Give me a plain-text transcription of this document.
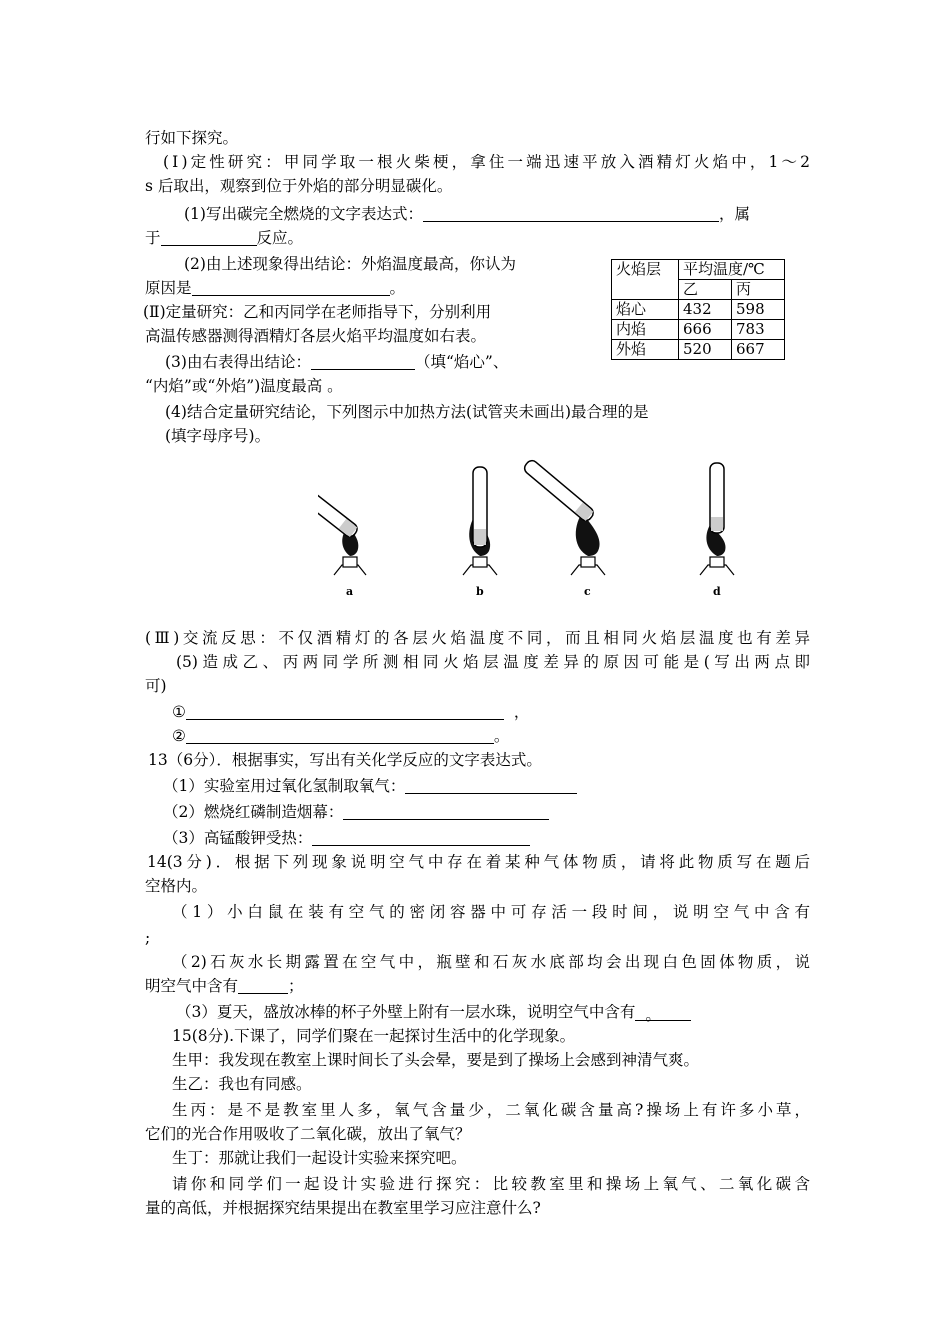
行如下探究。
(Ⅰ)定性研究：甲同学取一根火柴梗，拿住一端迅速平放入酒精灯火焰中，1～2
s 后取出，观察到位于外焰的部分明显碳化。
(1)写出碳完全燃烧的文字表达式：	，属
于	反应。
(2)由上述现象得出结论：外焰温度最高，你认为
原因是	。
(Ⅱ)定量研究：乙和丙同学在老师指导下，分别利用
高温传感器测得酒精灯各层火焰平均温度如右表。
(3)由右表得出结论：	（填“焰心”、
“内焰”或“外焰”)温度最高 。
(4)结合定量研究结论，下列图示中加热方法(试管夹未画出)最合理的是
(填字母序号)。
火焰层	平均温度/℃	
	乙	丙
焰心	432	598
内焰	666	783
外焰	520	667
a	b	c	d
(Ⅲ)交流反思：不仅酒精灯的各层火焰温度不同，而且相同火焰层温度也有差异
(5)造成乙、丙两同学所测相同火焰层温度差异的原因可能是(写出两点即
可)
①	，
②	。
13（6分）．根据事实，写出有关化学反应的文字表达式。
（1）实验室用过氧化氢制取氧气：
（2）燃烧红磷制造烟幕：
（3）高锰酸钾受热：
14(3分)．根据下列现象说明空气中存在着某种气体物质，请将此物质写在题后
空格内。
（1）小白鼠在装有空气的密闭容器中可存活一段时间，说明空气中含有
;
（2)石灰水长期露置在空气中，瓶壁和石灰水底部均会出现白色固体物质，说
明空气中含有	；
（3）夏天，盛放冰棒的杯子外壁上附有一层水珠，说明空气中含有 。
15(8分).下课了，同学们聚在一起探讨生活中的化学现象。
生甲：我发现在教室上课时间长了头会晕，要是到了操场上会感到神清气爽。
生乙：我也有同感。
生丙：是不是教室里人多，氧气含量少，二氧化碳含量高?操场上有许多小草，
它们的光合作用吸收了二氧化碳，放出了氧气？
生丁：那就让我们一起设计实验来探究吧。
请你和同学们一起设计实验进行探究：比较教室里和操场上氧气、二氧化碳含
量的高低，并根据探究结果提出在教室里学习应注意什么?
